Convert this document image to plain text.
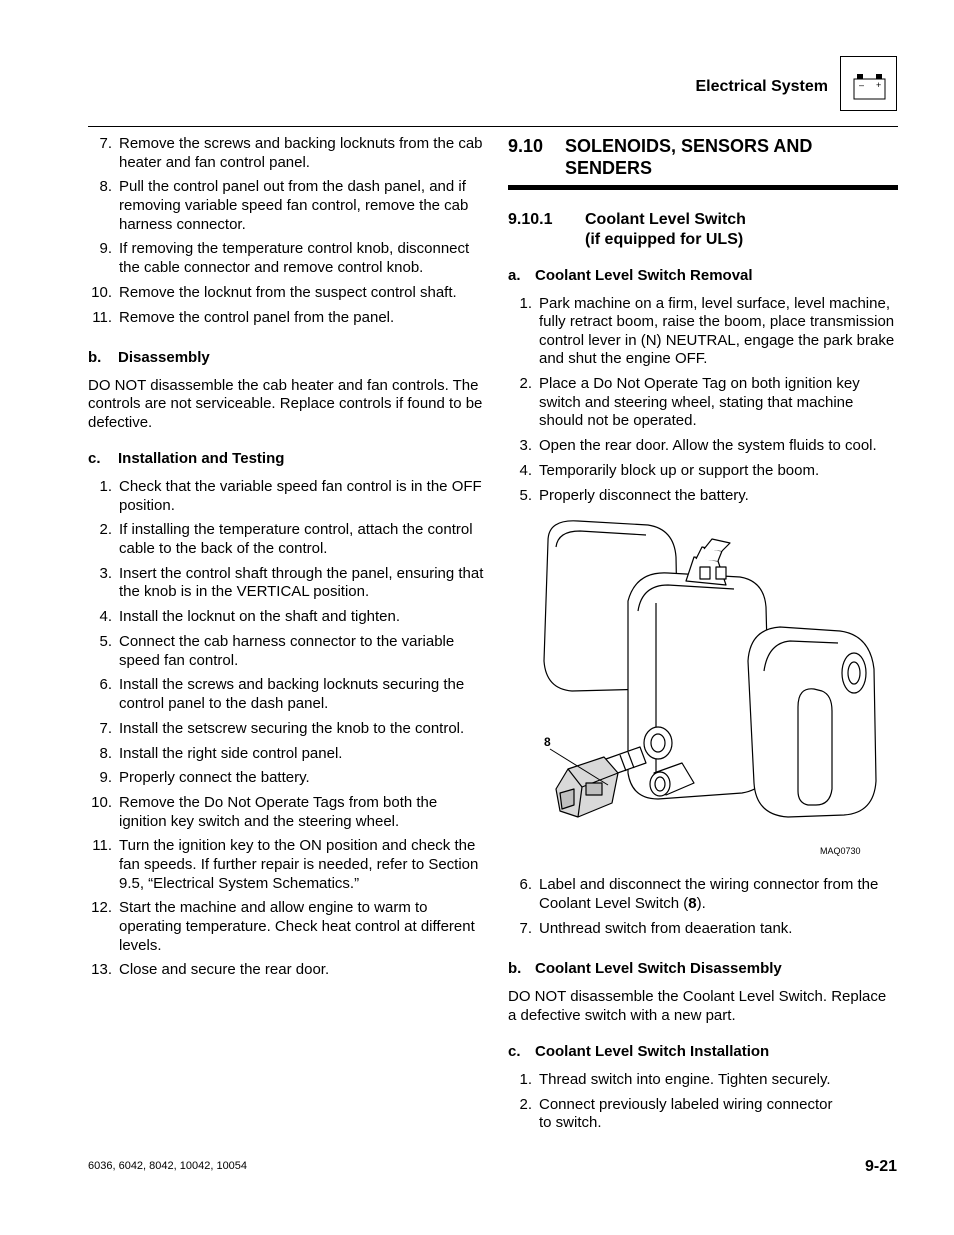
Electrical System	– +
7. Remove the screws and backing locknuts from the cab heater and fan control panel.
8. Pull the control panel out from the dash panel, and if removing variable speed fan control, remove the cab harness connector.
9. If removing the temperature control knob, disconnect the cable connector and remove control knob.
10. Remove the locknut from the suspect control shaft.
11. Remove the control panel from the panel.
b. Disassembly

DO NOT disassemble the cab heater and fan controls. The controls are not serviceable. Replace controls if found to be defective.

c. Installation and Testing
1. Check that the variable speed fan control is in the OFF position.
2. If installing the temperature control, attach the control cable to the back of the control.
3. Insert the control shaft through the panel, ensuring that the knob is in the VERTICAL position.
4. Install the locknut on the shaft and tighten.
5. Connect the cab harness connector to the variable speed fan control.
6. Install the screws and backing locknuts securing the control panel to the dash panel.
7. Install the setscrew securing the knob to the control.
8. Install the right side control panel.
9. Properly connect the battery.
10. Remove the Do Not Operate Tags from both the ignition key switch and the steering wheel.
11. Turn the ignition key to the ON position and check the fan speeds. If further repair is needed, refer to Section 9.5, “Electrical System Schematics.”
12. Start the machine and allow engine to warm to operating temperature. Check heat control at different levels.
13. Close and secure the rear door.
9.10	SOLENOIDS, SENSORS AND SENDERS
9.10.1	Coolant Level Switch
(if equipped for ULS)
a. Coolant Level Switch Removal
1. Park machine on a firm, level surface, level machine, fully retract boom, raise the boom, place transmission control lever in (N) NEUTRAL, engage the park brake and shut the engine OFF.
2. Place a Do Not Operate Tag on both ignition key switch and steering wheel, stating that machine should not be operated.
3. Open the rear door. Allow the system fluids to cool.
4. Temporarily block up or support the boom.
5. Properly disconnect the battery.
8
MAQ0730
6. Label and disconnect the wiring connector from the Coolant Level Switch (8).
7. Unthread switch from deaeration tank.
b. Coolant Level Switch Disassembly

DO NOT disassemble the Coolant Level Switch. Replace a defective switch with a new part.

c. Coolant Level Switch Installation
1. Thread switch into engine. Tighten securely.
2. Connect previously labeled wiring connector to switch.
6036, 6042, 8042, 10042, 10054	9-21
